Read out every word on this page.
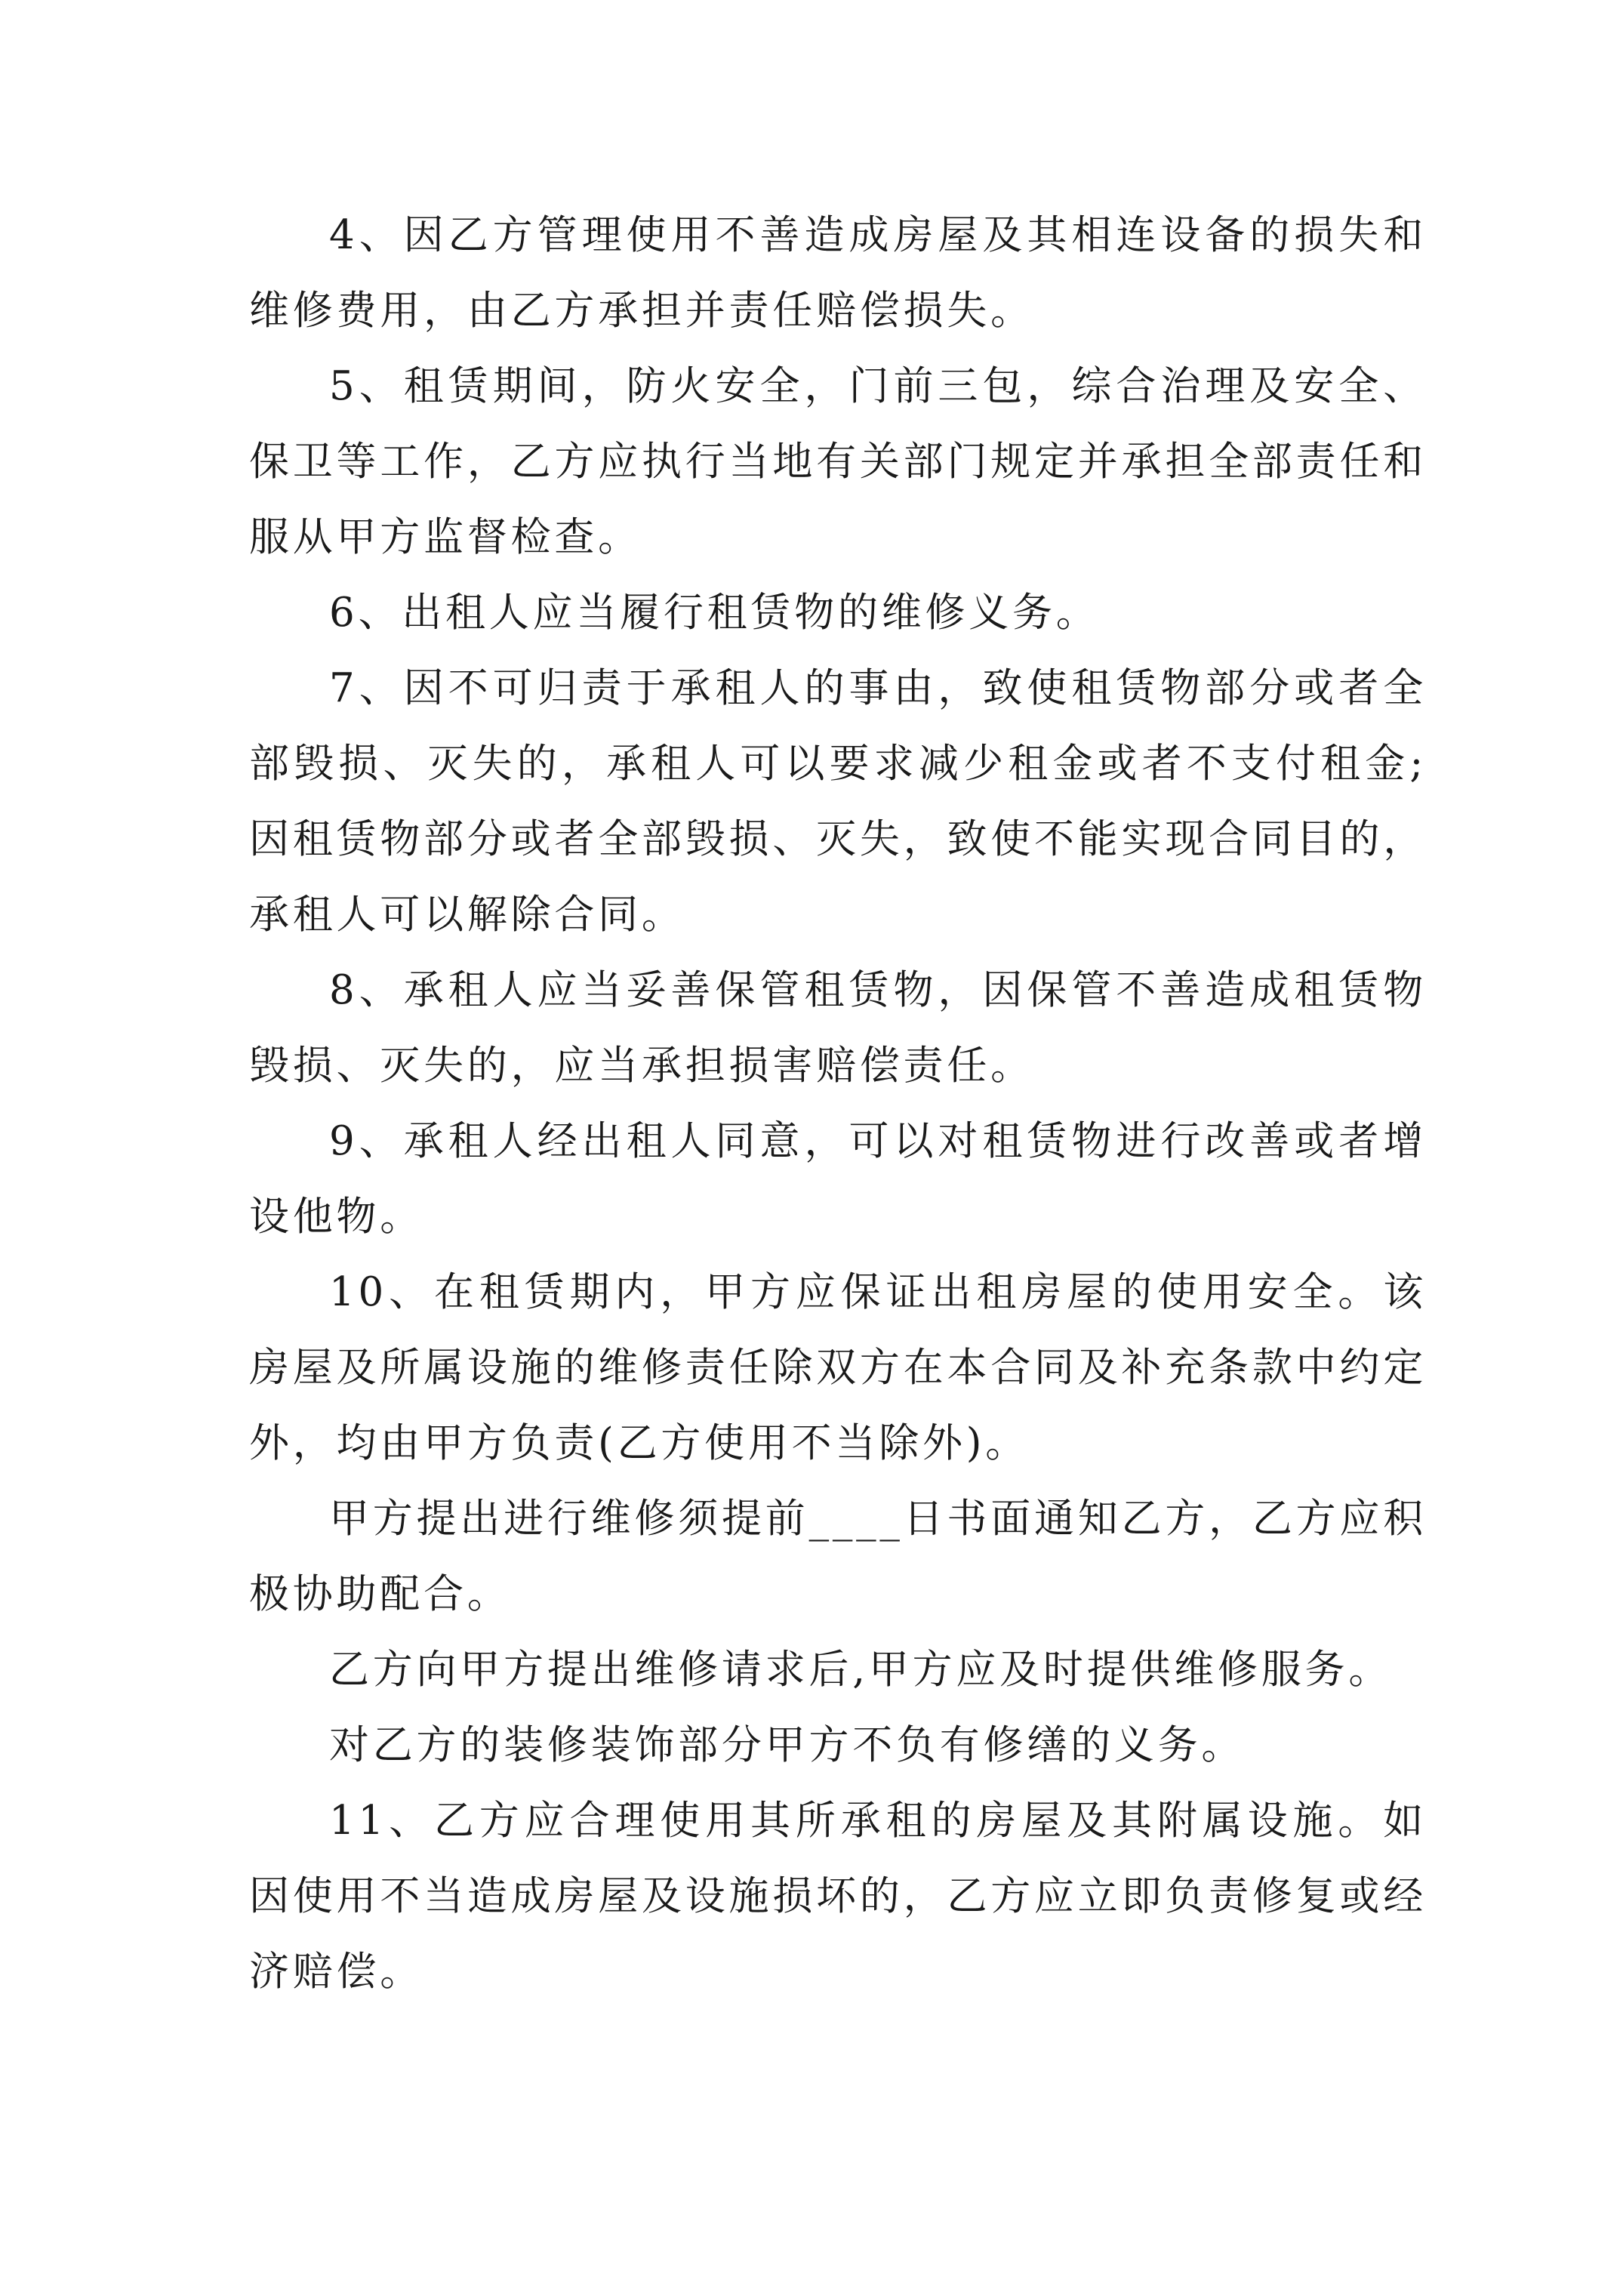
4、因乙方管理使用不善造成房屋及其相连设备的损失和维修费用，由乙方承担并责任赔偿损失。

5、租赁期间，防火安全，门前三包，综合治理及安全、保卫等工作，乙方应执行当地有关部门规定并承担全部责任和服从甲方监督检查。

6、出租人应当履行租赁物的维修义务。

7、因不可归责于承租人的事由，致使租赁物部分或者全部毁损、灭失的，承租人可以要求减少租金或者不支付租金;因租赁物部分或者全部毁损、灭失，致使不能实现合同目的，承租人可以解除合同。

8、承租人应当妥善保管租赁物，因保管不善造成租赁物毁损、灭失的，应当承担损害赔偿责任。

9、承租人经出租人同意，可以对租赁物进行改善或者增设他物。

10、在租赁期内，甲方应保证出租房屋的使用安全。该房屋及所属设施的维修责任除双方在本合同及补充条款中约定外，均由甲方负责(乙方使用不当除外)。

甲方提出进行维修须提前____日书面通知乙方，乙方应积极协助配合。

乙方向甲方提出维修请求后,甲方应及时提供维修服务。

对乙方的装修装饰部分甲方不负有修缮的义务。

11、乙方应合理使用其所承租的房屋及其附属设施。如因使用不当造成房屋及设施损坏的，乙方应立即负责修复或经济赔偿。
